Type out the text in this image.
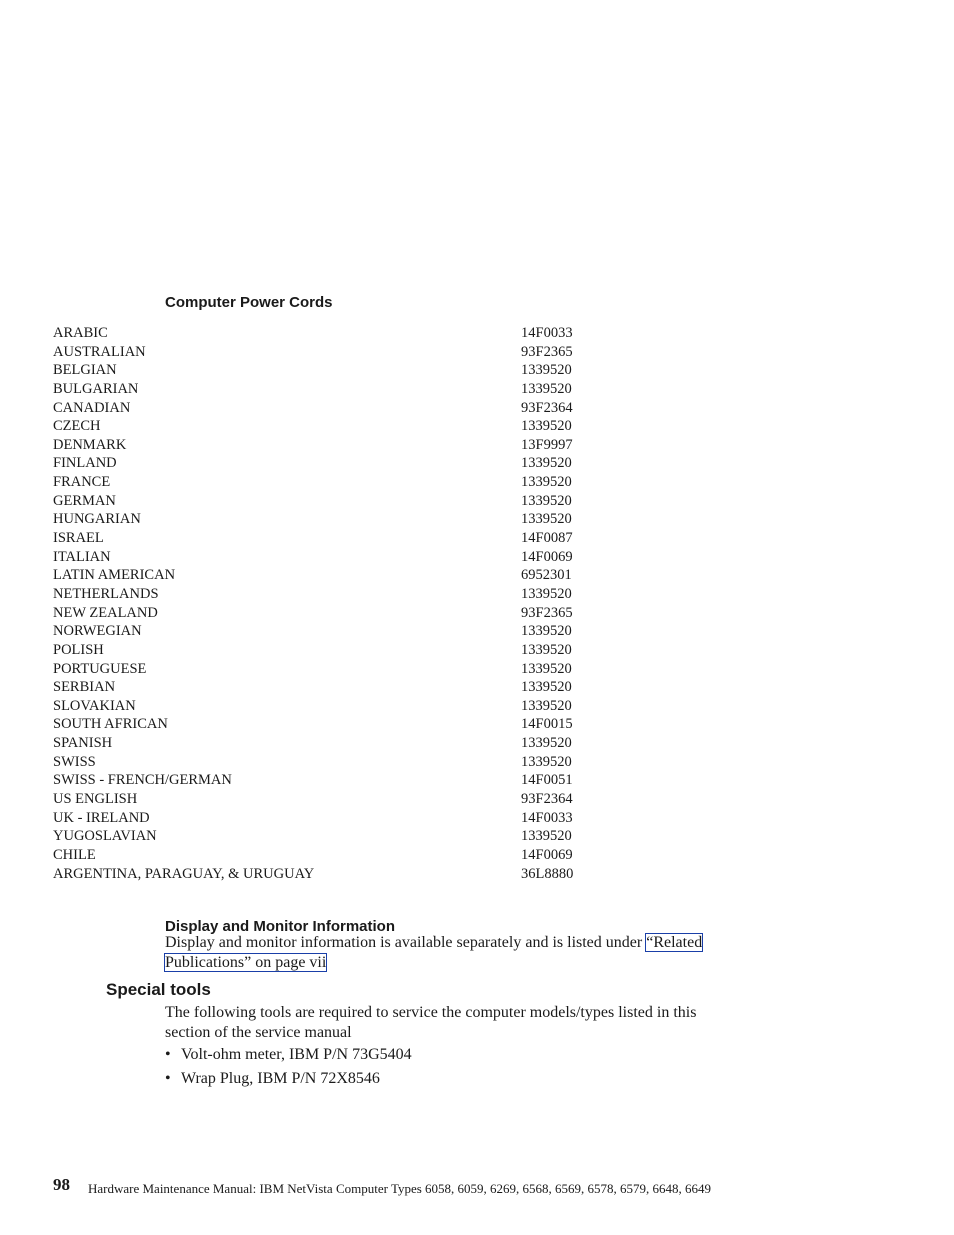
Computer Power Cords
ARABIC	14F0033
AUSTRALIAN	93F2365
BELGIAN	1339520
BULGARIAN	1339520
CANADIAN	93F2364
CZECH	1339520
DENMARK	13F9997
FINLAND	1339520
FRANCE	1339520
GERMAN	1339520
HUNGARIAN	1339520
ISRAEL	14F0087
ITALIAN	14F0069
LATIN AMERICAN	6952301
NETHERLANDS	1339520
NEW ZEALAND	93F2365
NORWEGIAN	1339520
POLISH	1339520
PORTUGUESE	1339520
SERBIAN	1339520
SLOVAKIAN	1339520
SOUTH AFRICAN	14F0015
SPANISH	1339520
SWISS	1339520
SWISS - FRENCH/GERMAN	14F0051
US ENGLISH	93F2364
UK - IRELAND	14F0033
YUGOSLAVIAN	1339520
CHILE	14F0069
ARGENTINA, PARAGUAY, & URUGUAY	36L8880
Display and Monitor Information

Display and monitor information is available separately and is listed under “Related Publications” on page vii

Special tools

The following tools are required to service the computer models/types listed in this section of the service manual

• Volt-ohm meter, IBM P/N 73G5404
• Wrap Plug, IBM P/N 72X8546
98	Hardware Maintenance Manual: IBM NetVista Computer Types 6058, 6059, 6269, 6568, 6569, 6578, 6579, 6648, 6649
